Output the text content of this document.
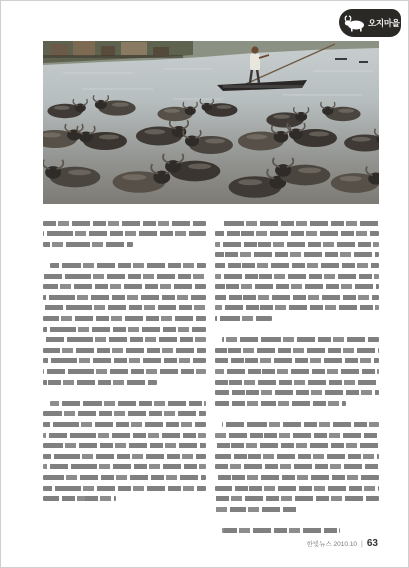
오지마을
한빛뉴스 2010.10 | 63
